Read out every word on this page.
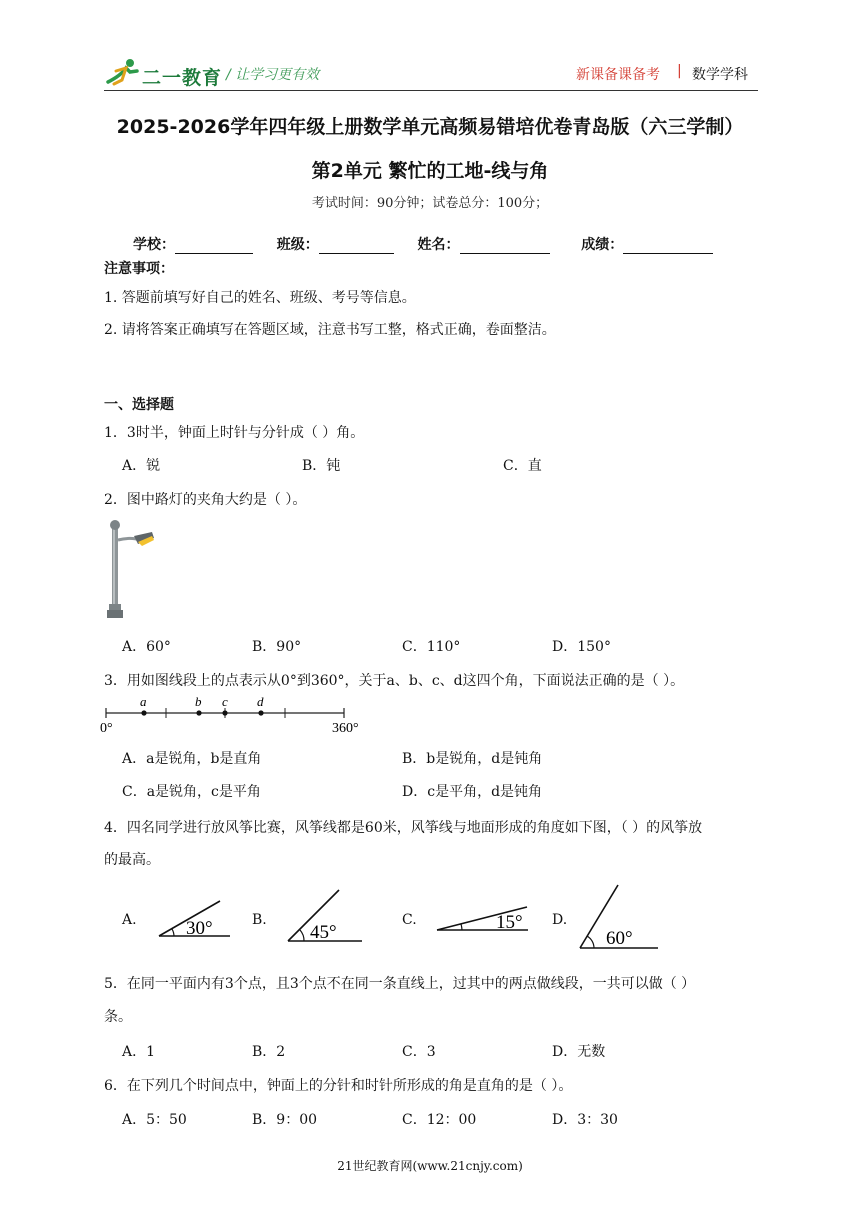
二一教育 / 让学习更有效	新课备课备考 | 数学学科
2025-2026学年四年级上册数学单元高频易错培优卷青岛版（六三学制）
第2单元 繁忙的工地-线与角
考试时间：90分钟；试卷总分：100分；
学校：	班级：	姓名：	成绩：
注意事项：
1. 答题前填写好自己的姓名、班级、考号等信息。
2. 请将答案正确填写在答题区域，注意书写工整，格式正确，卷面整洁。
一、选择题
1．3时半，钟面上时针与分针成（ ）角。
A．锐	B．钝	C．直
2．图中路灯的夹角大约是（ ）。
A．60°	B．90°	C．110°	D．150°
3．用如图线段上的点表示从0°到360°，关于a、b、c、d这四个角，下面说法正确的是（ ）。
a	b c d
0°	360°
A．a是锐角，b是直角	B．b是锐角，d是钝角
C．a是锐角，c是平角	D．c是平角，d是钝角
4．四名同学进行放风筝比赛，风筝线都是60米，风筝线与地面形成的角度如下图，（ ）的风筝放
的最高。
A.	30°	B.
45°
C.	15° D.
60°
5．在同一平面内有3个点，且3个点不在同一条直线上，过其中的两点做线段，一共可以做（ ）
条。
A．1	B．2	C．3	D．无数
6．在下列几个时间点中，钟面上的分针和时针所形成的角是直角的是（ ）。
A．5：50	B．9：00	C．12：00	D．3：30
21世纪教育网(www.21cnjy.com)
